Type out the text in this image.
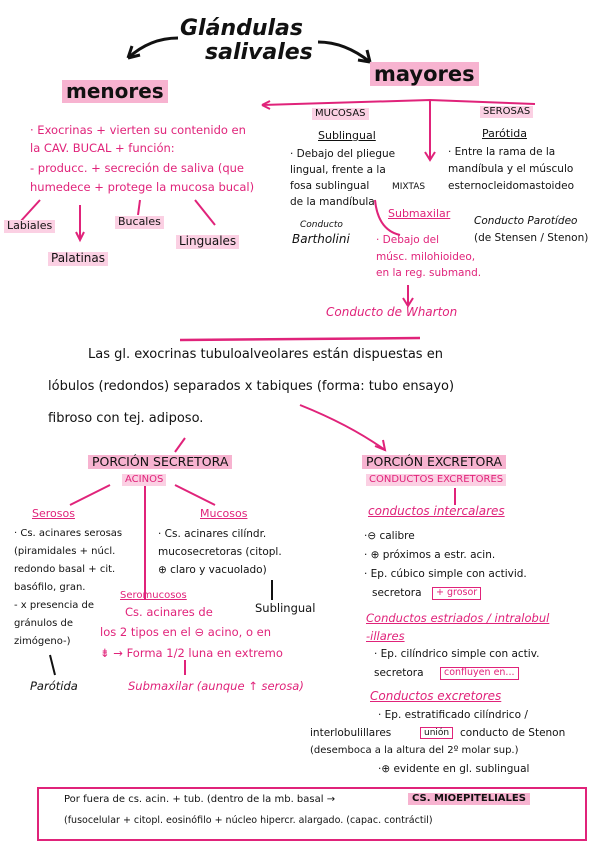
Glándulas
salivales
menores
· Exocrinas + vierten su contenido en
la CAV. BUCAL + función:
- producc. + secreción de saliva (que
humedece + protege la mucosa bucal)
Labiales	Bucales
Linguales
Palatinas
mayores
MUCOSAS
Sublingual
· Debajo del pliegue
lingual, frente a la
fosa sublingual
de la mandíbula
Conducto
Bartholini
MIXTAS
Submaxilar
· Debajo del
músc. milohioideo,
en la reg. submand.
Conducto de Wharton
SEROSAS
Parótida
· Entre la rama de la
mandíbula y el músculo
esternocleidomastoideo
Conducto Parotídeo
(de Stensen / Stenon)
Las gl. exocrinas tubuloalveolares están dispuestas en
lóbulos (redondos) separados x tabiques (forma: tubo ensayo)
fibroso con tej. adiposo.
PORCIÓN SECRETORA
ACINOS
Serosos
· Cs. acinares serosas
(piramidales + núcl.
redondo basal + cit.
basófilo, gran.
- x presencia de
gránulos de
zimógeno-)
Parótida
Mucosos
· Cs. acinares cilíndr.
mucosecretoras (citopl.
⊕ claro y vacuolado)
Sublingual
Seromucosos
Cs. acinares de
los 2 tipos en el ⊖ acino, o en
⇟ → Forma 1/2 luna en extremo
Submaxilar (aunque ↑ serosa)
PORCIÓN EXCRETORA
CONDUCTOS EXCRETORES
conductos intercalares
·⊖ calibre
· ⊕ próximos a estr. acin.
· Ep. cúbico simple con activid.
secretora	+ grosor
Conductos estriados / intralobul
-illares
· Ep. cilíndrico simple con activ.
secretora	confluyen en...
Conductos excretores
· Ep. estratificado cilíndrico /
interlobulillares	unión	conducto de Stenon
(desemboca a la altura del 2º molar sup.)
·⊕ evidente en gl. sublingual
Por fuera de cs. acin. + tub. (dentro de la mb. basal →	CS. MIOEPITELIALES
(fusocelular + citopl. eosinófilo + núcleo hipercr. alargado. (capac. contráctil)
